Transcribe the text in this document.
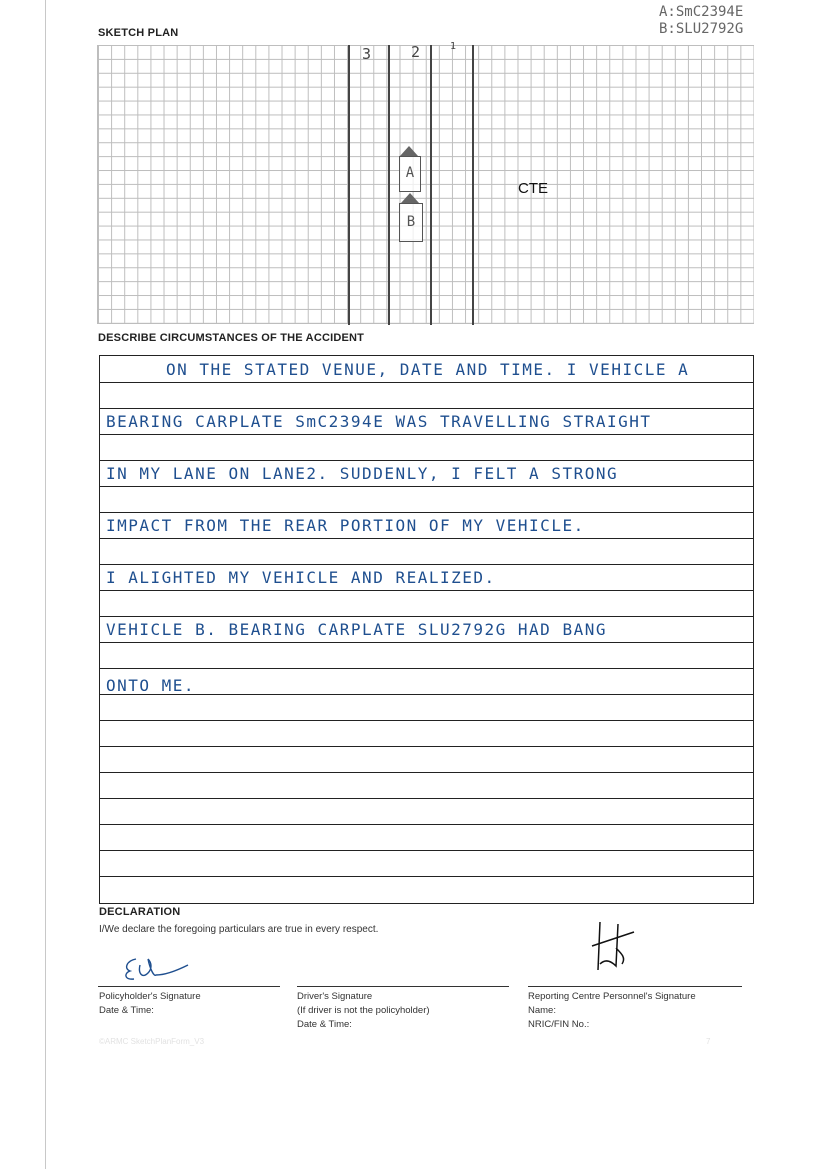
A:SmC2394E
B:SLU2792G
SKETCH PLAN
3	2	1
A
B
CTE
DESCRIBE CIRCUMSTANCES OF THE ACCIDENT
ON THE STATED VENUE, DATE AND TIME. I VEHICLE A
BEARING CARPLATE SmC2394E WAS TRAVELLING STRAIGHT
IN MY LANE ON LANE2. SUDDENLY, I FELT A STRONG
IMPACT FROM THE REAR PORTION OF MY VEHICLE.
I ALIGHTED MY VEHICLE AND REALIZED.
VEHICLE B. BEARING CARPLATE SLU2792G HAD BANG
ONTO ME.
DECLARATION
I/We declare the foregoing particulars are true in every respect.
Policyholder's Signature
Date & Time:
Driver's Signature
(If driver is not the policyholder)
Date & Time:
Reporting Centre Personnel's Signature
Name:
NRIC/FIN No.:
©ARMC SketchPlanForm_V3	7
